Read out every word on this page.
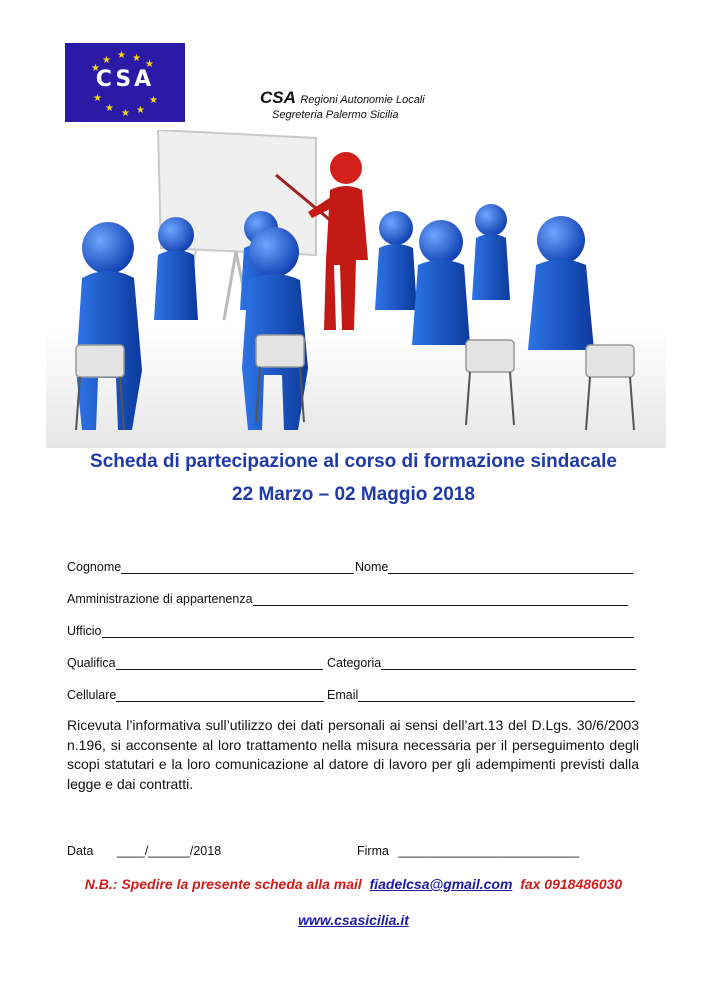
★ ★ ★
★
★
★
★ ★ ★
★
CSA
CSA Regioni Autonomie Locali
Segreteria Palermo Sicilia
Scheda di partecipazione al corso di formazione sindacale
22 Marzo – 02 Maggio 2018
Cognome	Nome
Amministrazione di appartenenza
Ufficio
Qualifica	Categoria
Cellulare	Email
Ricevuta l’informativa sull’utilizzo dei dati personali ai sensi dell’art.13 del D.Lgs. 30/6/2003 n.196, si acconsente al loro trattamento nella misura necessaria per il perseguimento degli scopi statutari e la loro comunicazione al datore di lavoro per gli adempimenti previsti dalla legge e dai contratti.
Data ____/______/2018	Firma __________________________
N.B.: Spedire la presente scheda alla mail fiadelcsa@gmail.com fax 0918486030
www.csasicilia.it
